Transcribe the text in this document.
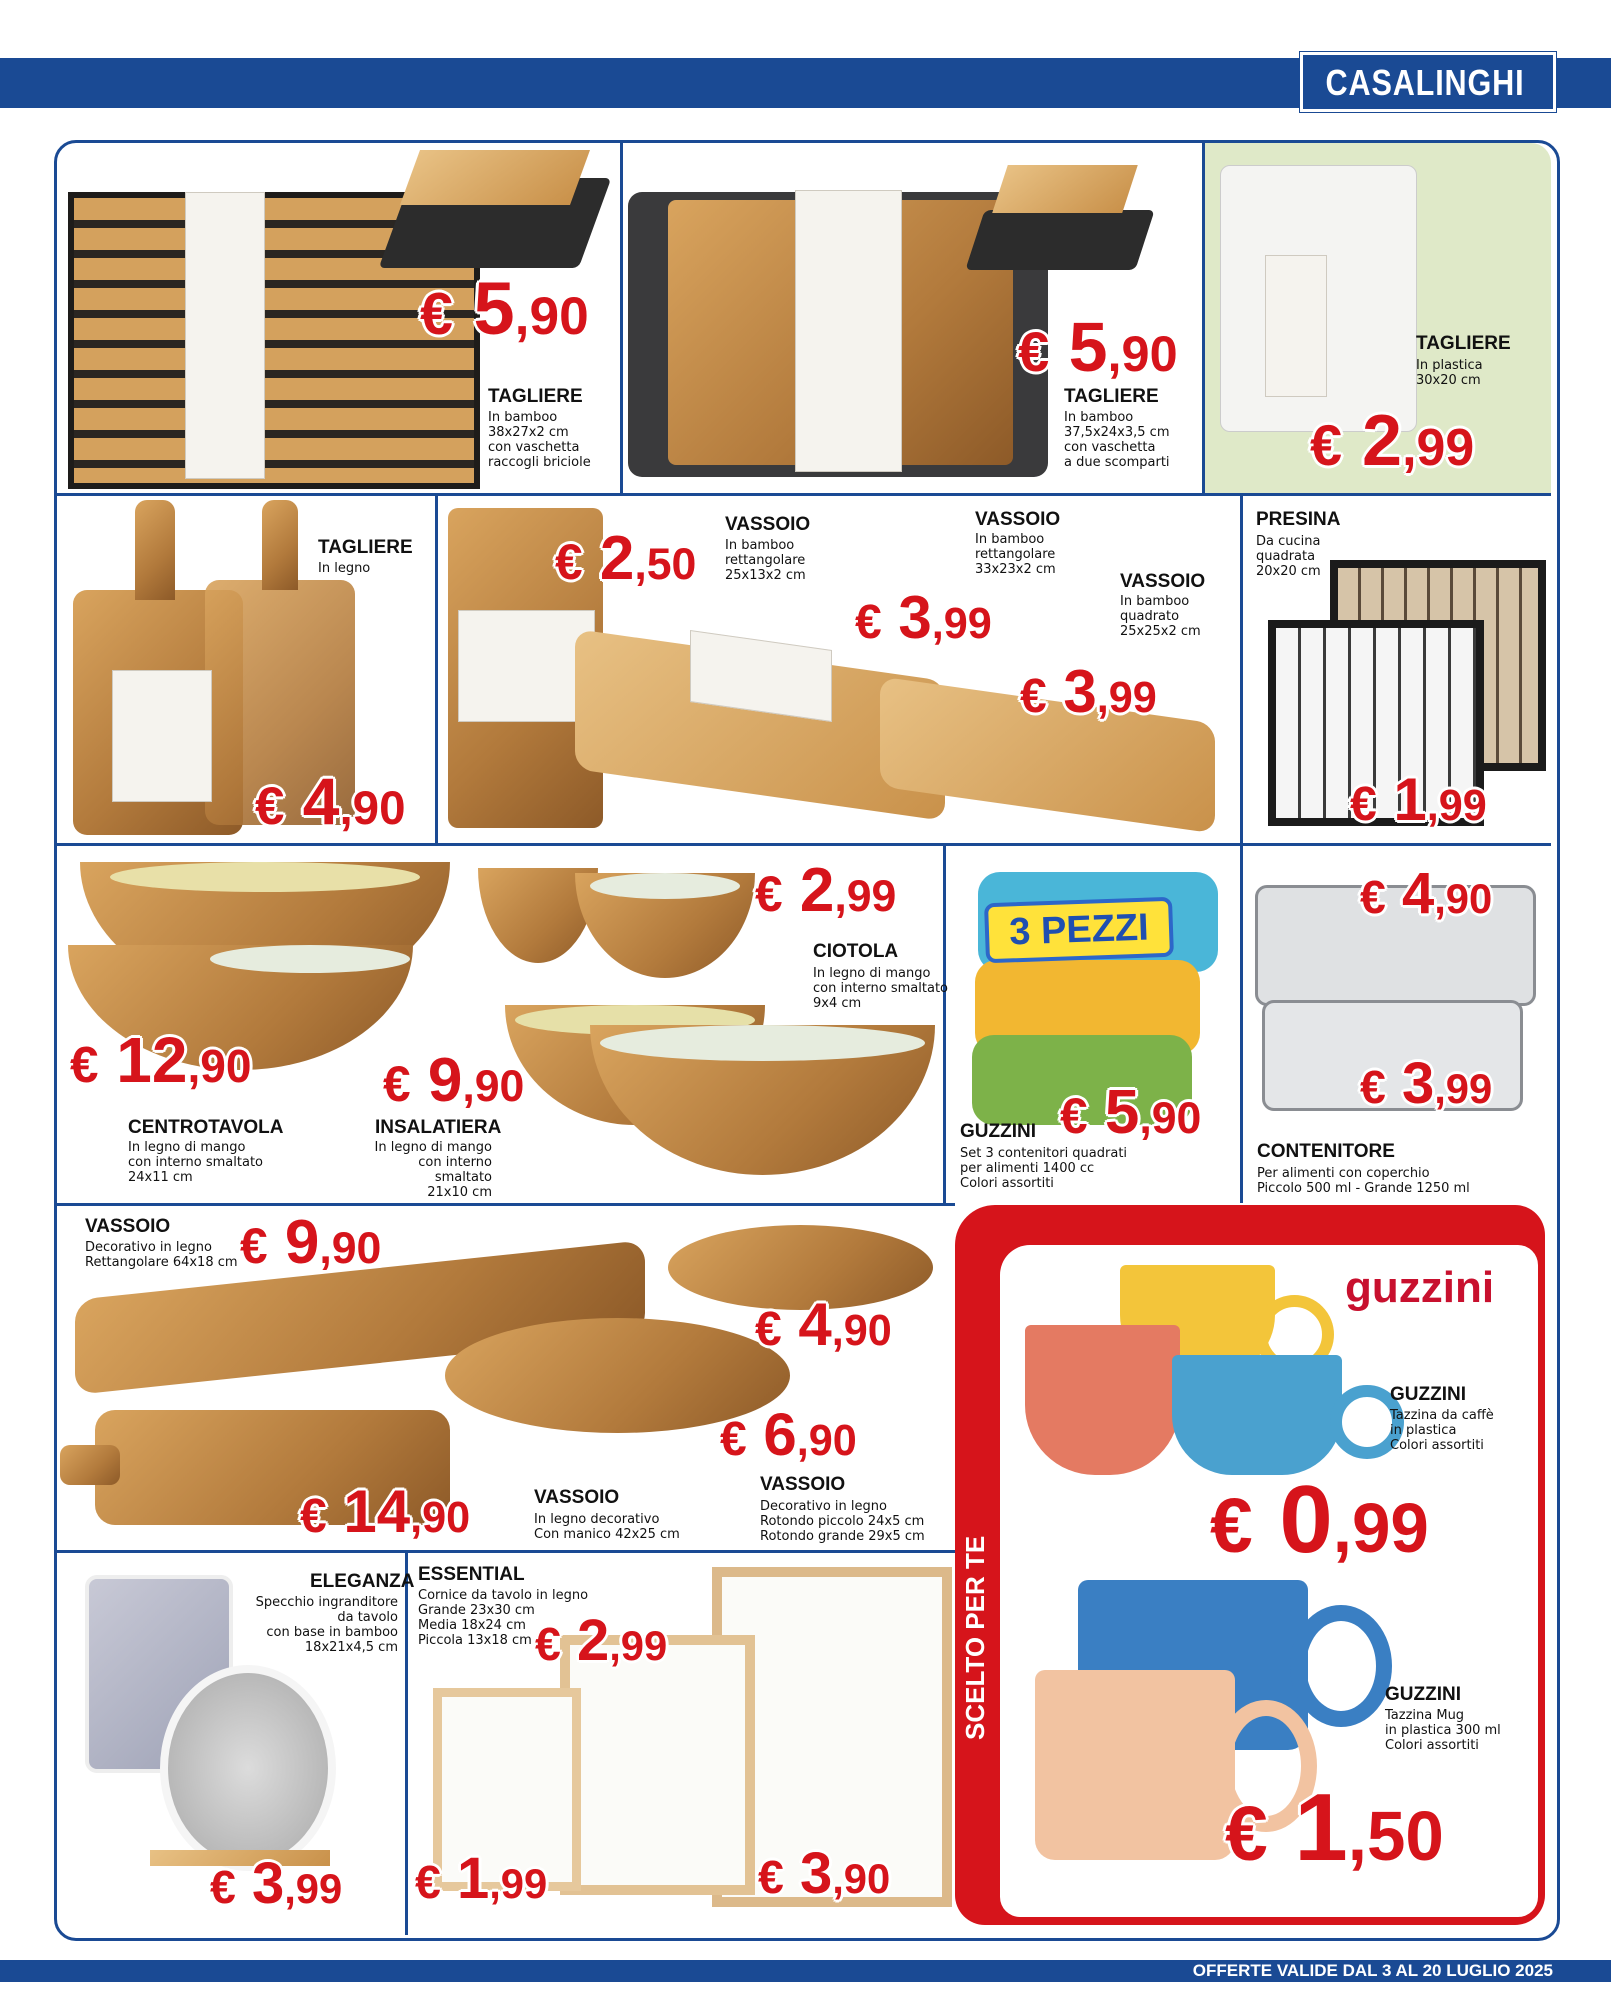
CASALINGHI
€ 5,90
TAGLIERE
In bamboo
38x27x2 cm
con vaschetta
raccogli briciole
€ 5,90
TAGLIERE
In bamboo
37,5x24x3,5 cm
con vaschetta
a due scomparti
TAGLIERE
In plastica
30x20 cm
€ 2,99
TAGLIERE
In legno
€ 4,90
€ 2,50
VASSOIO
In bamboo
rettangolare
25x13x2 cm
VASSOIO
In bamboo
rettangolare
33x23x2 cm
€ 3,99
VASSOIO
In bamboo
quadrato
25x25x2 cm
€ 3,99
PRESINA
Da cucina
quadrata
20x20 cm
€ 1,99
€ 12,90
CENTROTAVOLA
In legno di mango
con interno smaltato
24x11 cm
€ 2,99
CIOTOLA
In legno di mango
con interno smaltato
9x4 cm
€ 9,90
INSALATIERA
In legno di mango
con interno smaltato
21x10 cm
3 PEZZI
€ 5,90
GUZZINI
Set 3 contenitori quadrati
per alimenti 1400 cc
Colori assortiti
€ 4,90
€ 3,99
CONTENITORE
Per alimenti con coperchio
Piccolo 500 ml - Grande 1250 ml
VASSOIO
Decorativo in legno
Rettangolare 64x18 cm € 9,90
€ 14,90	VASSOIO
In legno decorativo
Con manico 42x25 cm
€ 4,90
€ 6,90
VASSOIO
Decorativo in legno
Rotondo piccolo 24x5 cm
Rotondo grande 29x5 cm
ELEGANZA
Specchio ingranditore
da tavolo
con base in bamboo
18x21x4,5 cm
€ 3,99
ESSENTIAL
Cornice da tavolo in legno
Grande 23x30 cm
Media 18x24 cm
Piccola 13x18 cm € 2,99
€ 1,99	€ 3,90
guzzini
GUZZINI
Tazzina da caffè
in plastica
Colori assortiti
€ 0,99
GUZZINI
Tazzina Mug
in plastica 300 ml
Colori assortiti
€ 1,50
OFFERTE VALIDE DAL 3 AL 20 LUGLIO 2025
